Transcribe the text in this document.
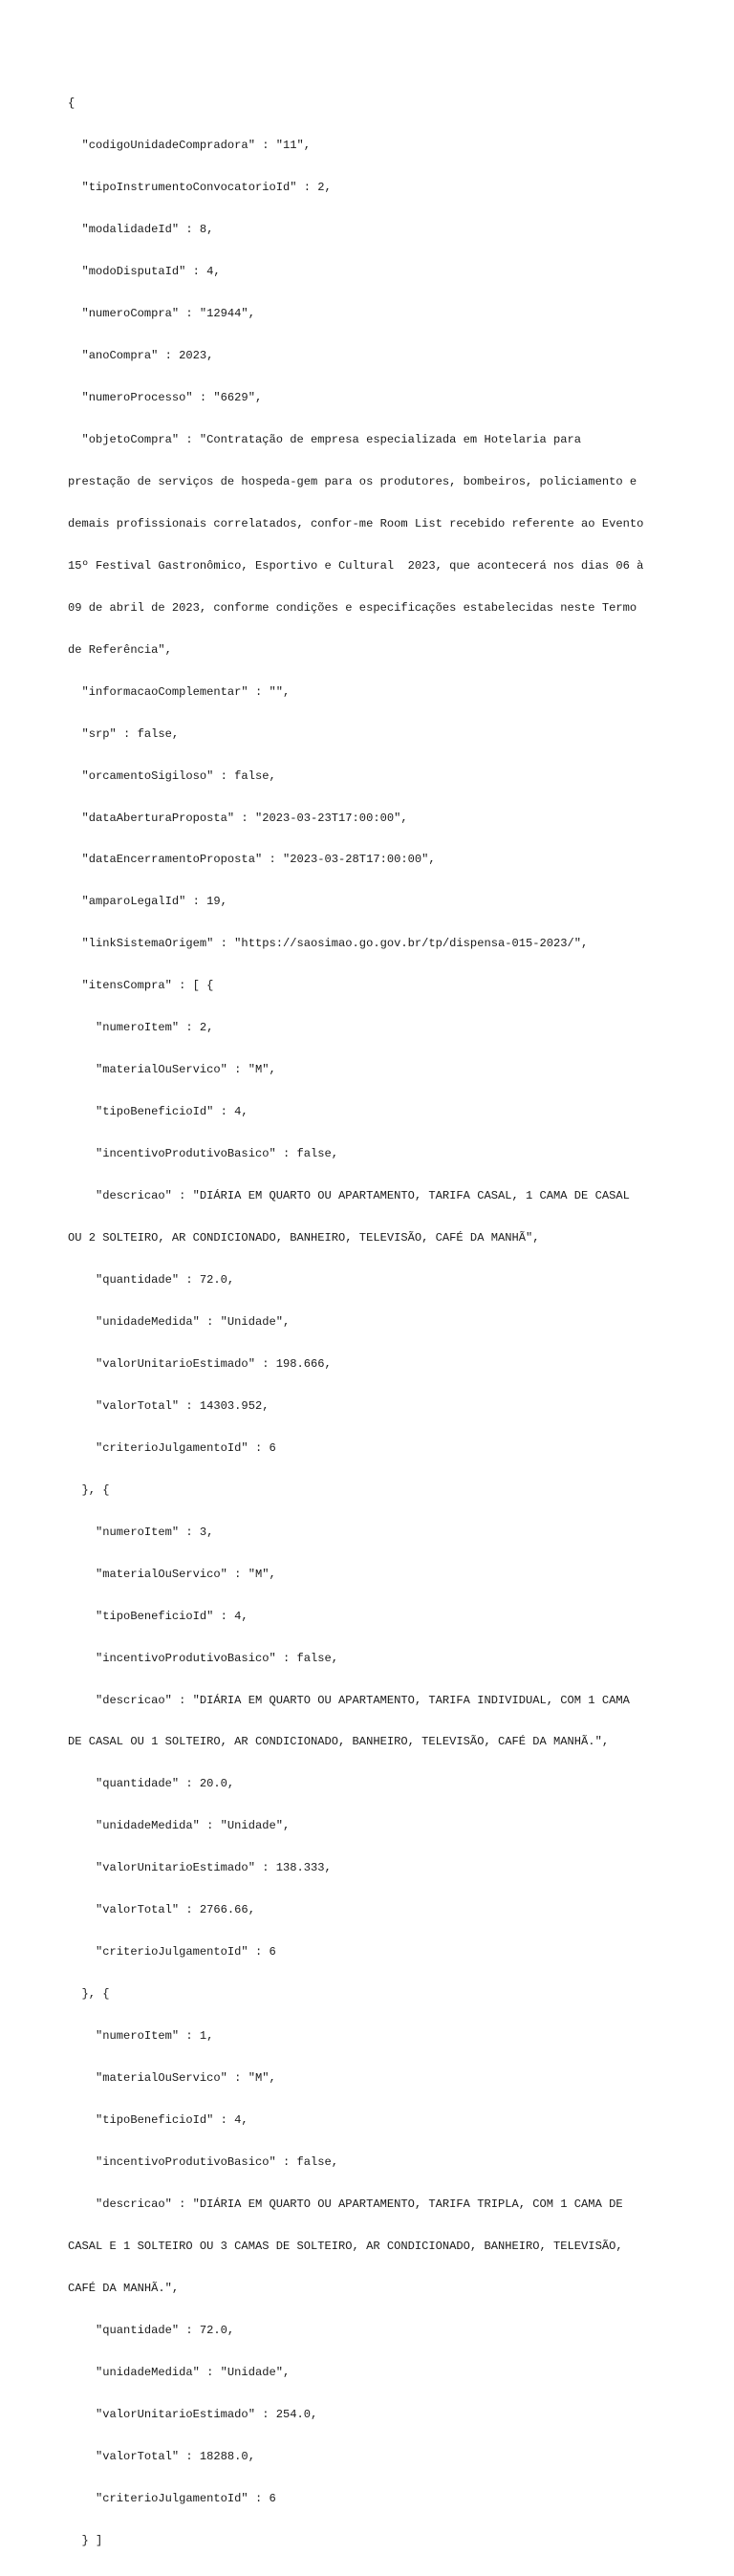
{

"codigoUnidadeCompradora" : "11",

"tipoInstrumentoConvocatorioId" : 2,

"modalidadeId" : 8,

"modoDisputaId" : 4,

"numeroCompra" : "12944",

"anoCompra" : 2023,

"numeroProcesso" : "6629",

"objetoCompra" : "Contratação de empresa especializada em Hotelaria para

prestação de serviços de hospeda-gem para os produtores, bombeiros, policiamento e

demais profissionais correlatados, confor-me Room List recebido referente ao Evento

15º Festival Gastronômico, Esportivo e Cultural  2023, que acontecerá nos dias 06 à

09 de abril de 2023, conforme condições e especificações estabelecidas neste Termo

de Referência",

"informacaoComplementar" : "",

"srp" : false,

"orcamentoSigiloso" : false,

"dataAberturaProposta" : "2023-03-23T17:00:00",

"dataEncerramentoProposta" : "2023-03-28T17:00:00",

"amparoLegalId" : 19,

"linkSistemaOrigem" : "https://saosimao.go.gov.br/tp/dispensa-015-2023/",

"itensCompra" : [ {

"numeroItem" : 2,

"materialOuServico" : "M",

"tipoBeneficioId" : 4,

"incentivoProdutivoBasico" : false,

"descricao" : "DIÁRIA EM QUARTO OU APARTAMENTO, TARIFA CASAL, 1 CAMA DE CASAL

OU 2 SOLTEIRO, AR CONDICIONADO, BANHEIRO, TELEVISÃO, CAFÉ DA MANHÃ",

"quantidade" : 72.0,

"unidadeMedida" : "Unidade",

"valorUnitarioEstimado" : 198.666,

"valorTotal" : 14303.952,

"criterioJulgamentoId" : 6

}, {

"numeroItem" : 3,

"materialOuServico" : "M",

"tipoBeneficioId" : 4,

"incentivoProdutivoBasico" : false,

"descricao" : "DIÁRIA EM QUARTO OU APARTAMENTO, TARIFA INDIVIDUAL, COM 1 CAMA

DE CASAL OU 1 SOLTEIRO, AR CONDICIONADO, BANHEIRO, TELEVISÃO, CAFÉ DA MANHÃ.",

"quantidade" : 20.0,

"unidadeMedida" : "Unidade",

"valorUnitarioEstimado" : 138.333,

"valorTotal" : 2766.66,

"criterioJulgamentoId" : 6

}, {

"numeroItem" : 1,

"materialOuServico" : "M",

"tipoBeneficioId" : 4,

"incentivoProdutivoBasico" : false,

"descricao" : "DIÁRIA EM QUARTO OU APARTAMENTO, TARIFA TRIPLA, COM 1 CAMA DE

CASAL E 1 SOLTEIRO OU 3 CAMAS DE SOLTEIRO, AR CONDICIONADO, BANHEIRO, TELEVISÃO,

CAFÉ DA MANHÃ.",

"quantidade" : 72.0,

"unidadeMedida" : "Unidade",

"valorUnitarioEstimado" : 254.0,

"valorTotal" : 18288.0,

"criterioJulgamentoId" : 6

} ]
